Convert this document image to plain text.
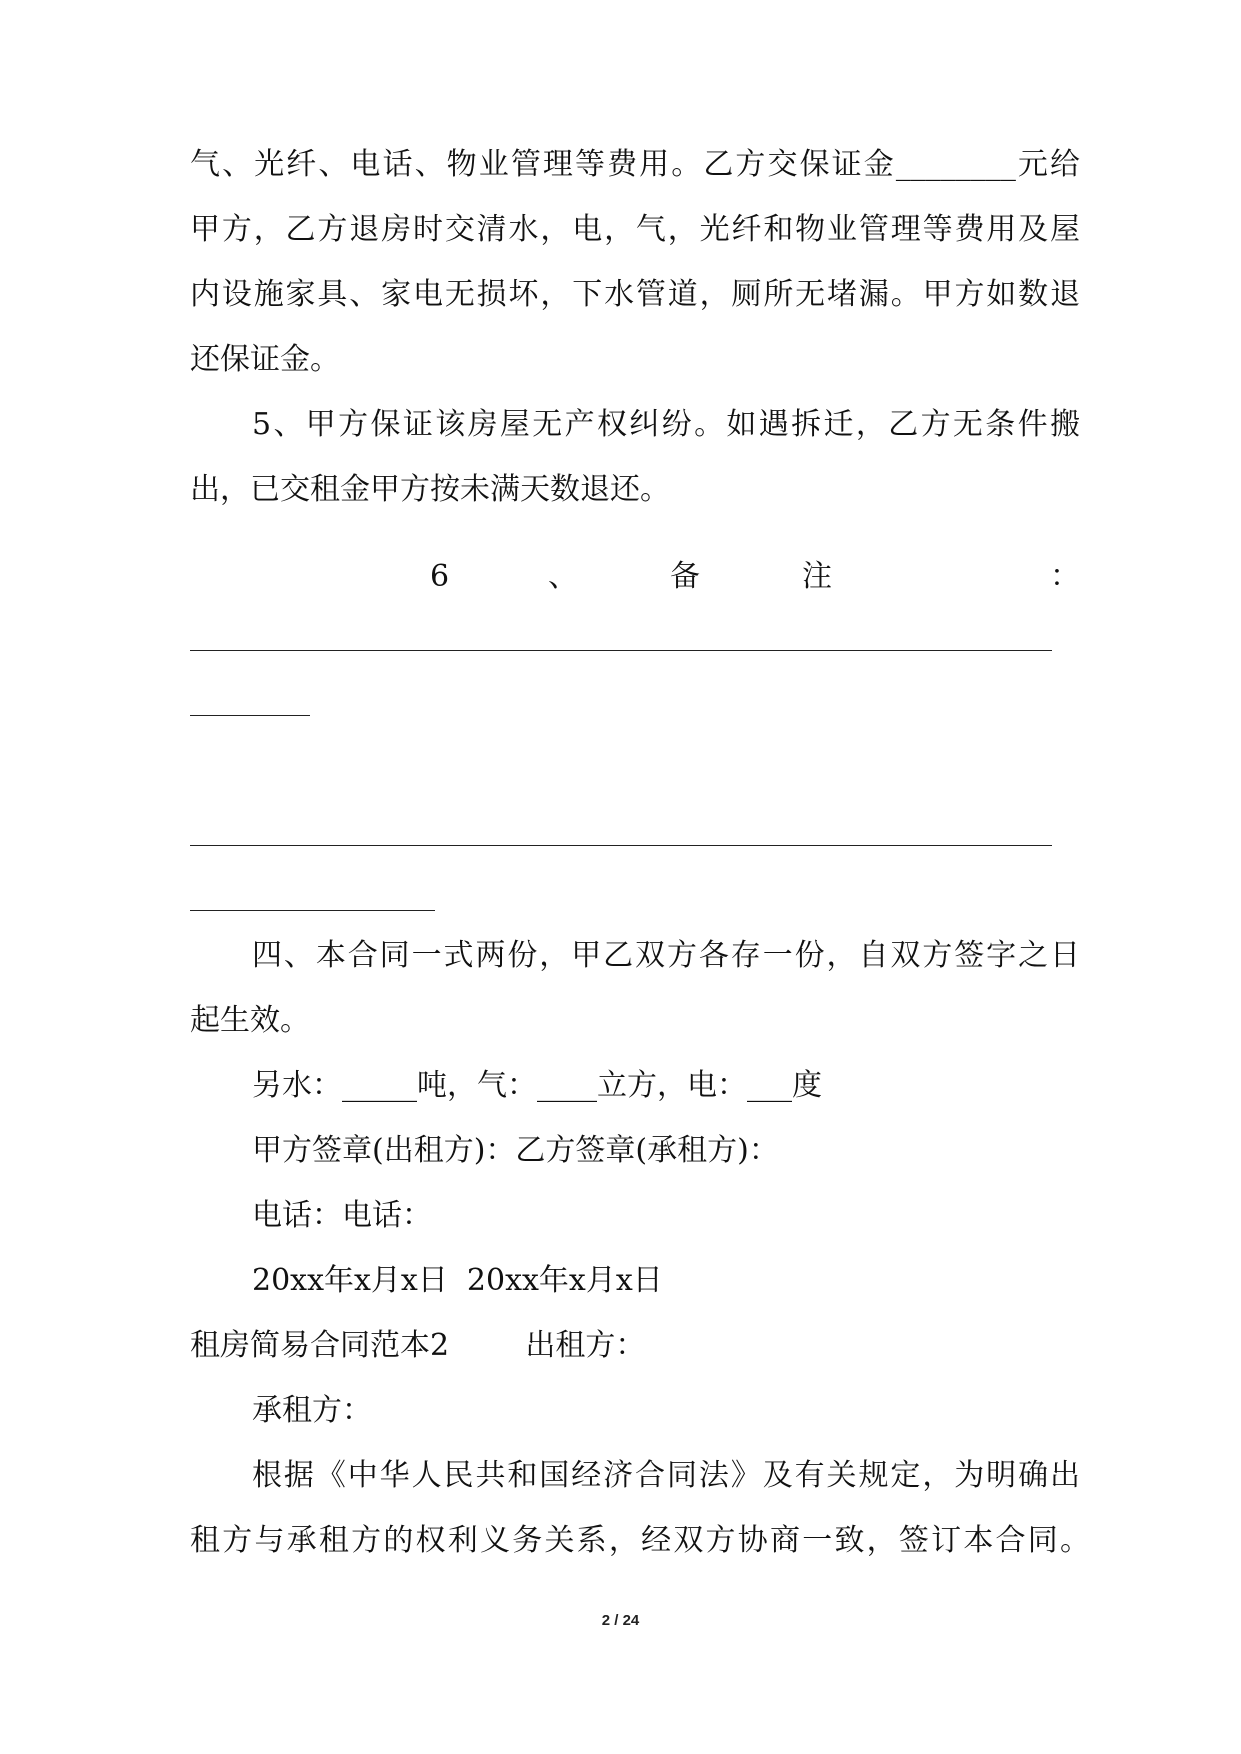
气、光纤、电话、物业管理等费用。乙方交保证金________元给
甲方，乙方退房时交清水，电，气，光纤和物业管理等费用及屋
内设施家具、家电无损坏，下水管道，厕所无堵漏。甲方如数退
还保证金。
5、甲方保证该房屋无产权纠纷。如遇拆迁，乙方无条件搬
出，已交租金甲方按未满天数退还。
6	、	备	注	：
四、本合同一式两份，甲乙双方各存一份，自双方签字之日
起生效。
另水：_____吨，气：____立方，电：___度
甲方签章(出租方)：乙方签章(承租方)：
电话：电话：
20xx年x月x日  20xx年x月x日
租房简易合同范本2        出租方：
承租方：
根据《中华人民共和国经济合同法》及有关规定，为明确出
租方与承租方的权利义务关系，经双方协商一致，签订本合同。
2 / 24
